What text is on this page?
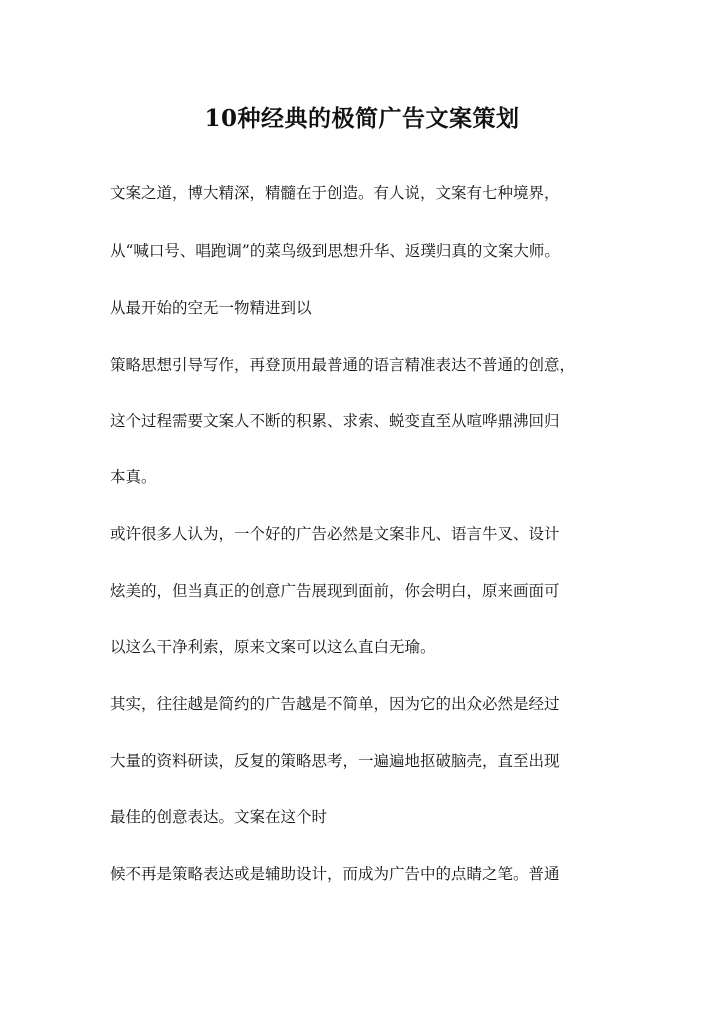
10种经典的极简广告文案策划

文案之道，博大精深，精髓在于创造。有人说，文案有七种境界，

从“喊口号、唱跑调”的菜鸟级到思想升华、返璞归真的文案大师。

从最开始的空无一物精进到以

策略思想引导写作，再登顶用最普通的语言精准表达不普通的创意，

这个过程需要文案人不断的积累、求索、蜕变直至从喧哗鼎沸回归

本真。

或许很多人认为，一个好的广告必然是文案非凡、语言牛叉、设计

炫美的，但当真正的创意广告展现到面前，你会明白，原来画面可

以这么干净利索，原来文案可以这么直白无瑜。

其实，往往越是简约的广告越是不简单，因为它的出众必然是经过

大量的资料研读，反复的策略思考，一遍遍地抠破脑壳，直至出现

最佳的创意表达。文案在这个时

候不再是策略表达或是辅助设计，而成为广告中的点睛之笔。普通
